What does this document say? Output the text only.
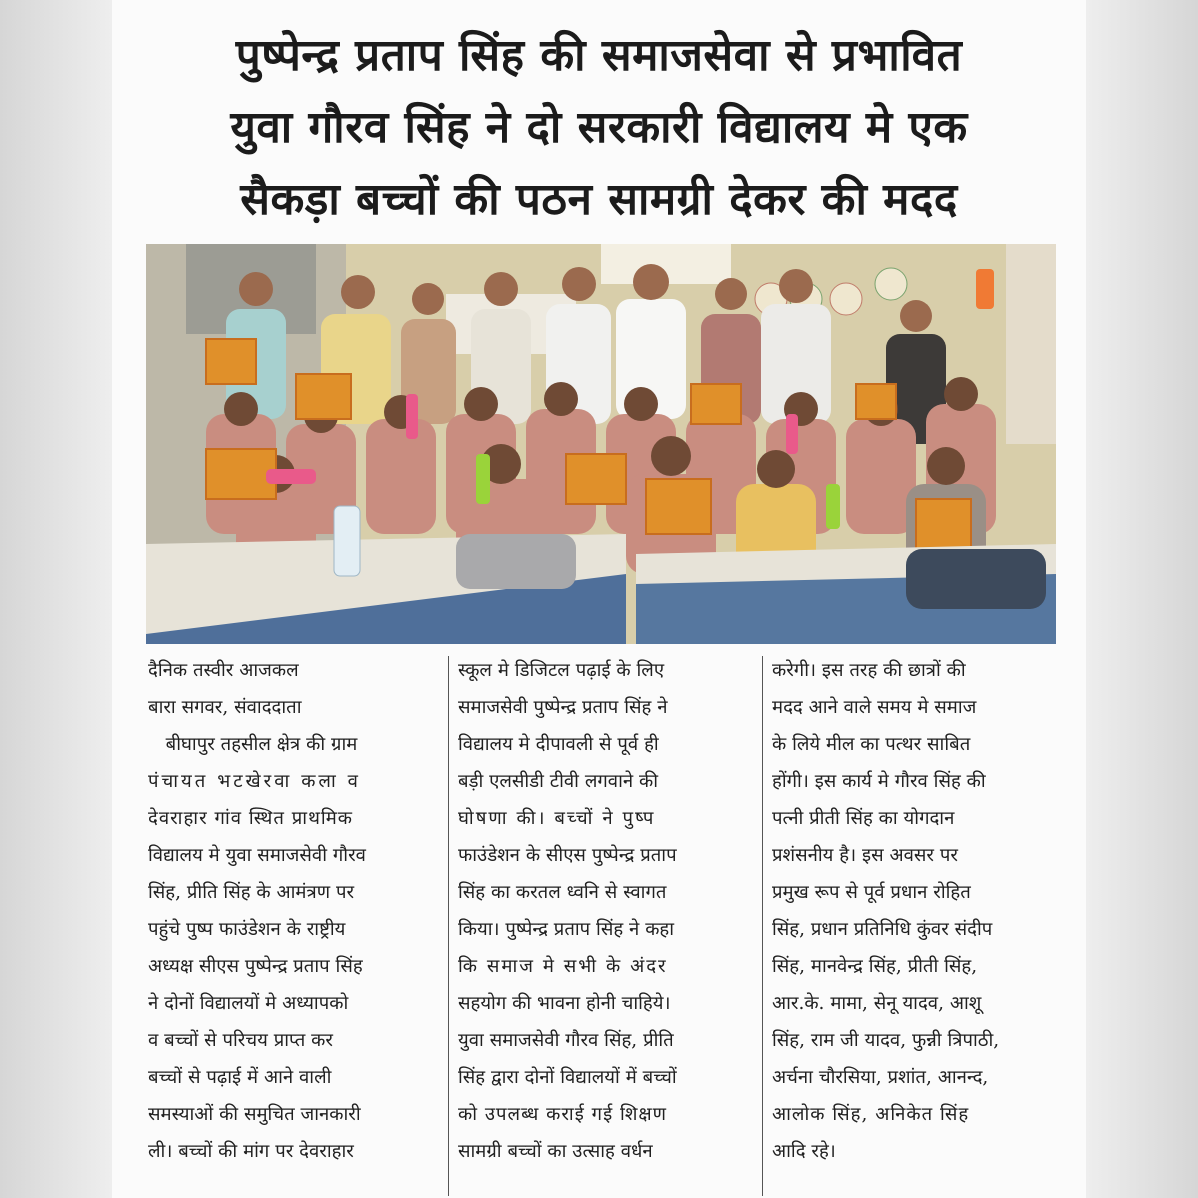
पुष्पेन्द्र प्रताप सिंह की समाजसेवा से प्रभावित
युवा गौरव सिंह ने दो सरकारी विद्यालय मे एक
सैकड़ा बच्चों की पठन सामग्री देकर की मदद

दैनिक तस्वीर आजकल

बारा सगवर, संवाददाता

बीघापुर तहसील क्षेत्र की ग्राम

पंचायत भटखेरवा कला व

देवराहार गांव स्थित प्राथमिक

विद्यालय मे युवा समाजसेवी गौरव

सिंह, प्रीति सिंह के आमंत्रण पर

पहुंचे पुष्प फाउंडेशन के राष्ट्रीय

अध्यक्ष सीएस पुष्पेन्द्र प्रताप सिंह

ने दोनों विद्यालयों मे अध्यापको

व बच्चों से परिचय प्राप्त कर

बच्चों से पढ़ाई में आने वाली

समस्याओं की समुचित जानकारी

ली। बच्चों की मांग पर देवराहार

स्कूल मे डिजिटल पढ़ाई के लिए

समाजसेवी पुष्पेन्द्र प्रताप सिंह ने

विद्यालय मे दीपावली से पूर्व ही

बड़ी एलसीडी टीवी लगवाने की

घोषणा की। बच्चों ने पुष्प

फाउंडेशन के सीएस पुष्पेन्द्र प्रताप

सिंह का करतल ध्वनि से स्वागत

किया। पुष्पेन्द्र प्रताप सिंह ने कहा

कि समाज मे सभी के अंदर

सहयोग की भावना होनी चाहिये।

युवा समाजसेवी गौरव सिंह, प्रीति

सिंह द्वारा दोनों विद्यालयों में बच्चों

को उपलब्ध कराई गई शिक्षण

सामग्री बच्चों का उत्साह वर्धन

करेगी। इस तरह की छात्रों की

मदद आने वाले समय मे समाज

के लिये मील का पत्थर साबित

होंगी। इस कार्य मे गौरव सिंह की

पत्नी प्रीती सिंह का योगदान

प्रशंसनीय है। इस अवसर पर

प्रमुख रूप से पूर्व प्रधान रोहित

सिंह, प्रधान प्रतिनिधि कुंवर संदीप

सिंह, मानवेन्द्र सिंह, प्रीती सिंह,

आर.के. मामा, सेनू यादव, आशू

सिंह, राम जी यादव, फुन्नी त्रिपाठी,

अर्चना चौरसिया, प्रशांत, आनन्द,

आलोक सिंह, अनिकेत सिंह

आदि रहे।
